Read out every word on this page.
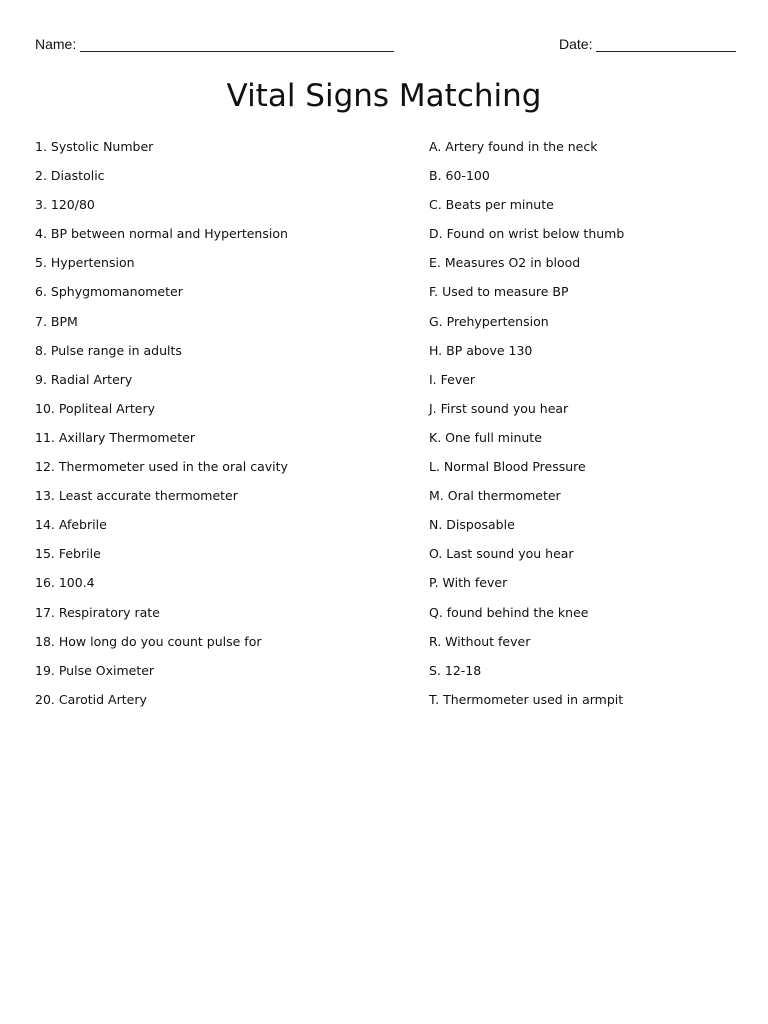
Name:	Date:
Vital Signs Matching
1. Systolic Number
2. Diastolic
3. 120/80
4. BP between normal and Hypertension
5. Hypertension
6. Sphygmomanometer
7. BPM
8. Pulse range in adults
9. Radial Artery
10. Popliteal Artery
11. Axillary Thermometer
12. Thermometer used in the oral cavity
13. Least accurate thermometer
14. Afebrile
15. Febrile
16. 100.4
17. Respiratory rate
18. How long do you count pulse for
19. Pulse Oximeter
20. Carotid Artery
A. Artery found in the neck
B. 60-100
C. Beats per minute
D. Found on wrist below thumb
E. Measures O2 in blood
F. Used to measure BP
G. Prehypertension
H. BP above 130
I. Fever
J. First sound you hear
K. One full minute
L. Normal Blood Pressure
M. Oral thermometer
N. Disposable
O. Last sound you hear
P. With fever
Q. found behind the knee
R. Without fever
S. 12-18
T. Thermometer used in armpit
